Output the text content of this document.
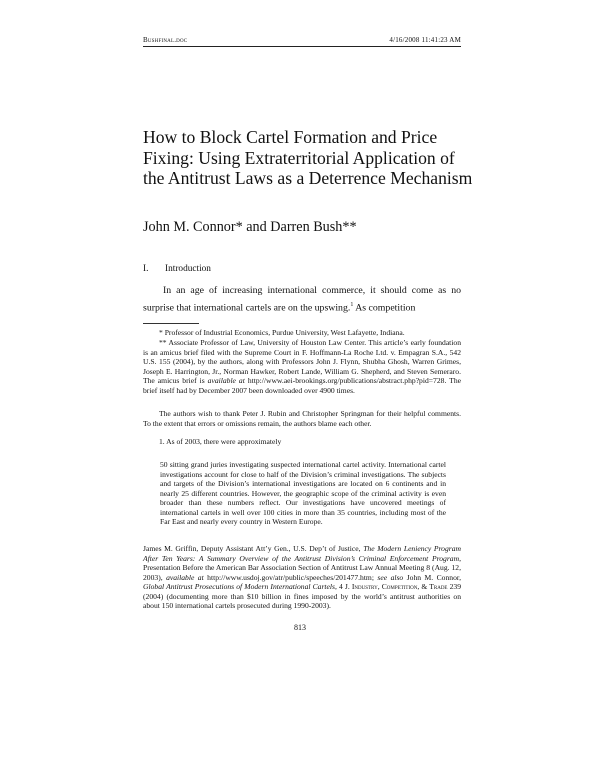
Bushfinal.doc	4/16/2008 11:41:23 AM
How to Block Cartel Formation and Price Fixing: Using Extraterritorial Application of the Antitrust Laws as a Deterrence Mechanism
John M. Connor* and Darren Bush**
I. Introduction

In an age of increasing international commerce, it should come as no surprise that international cartels are on the upswing.$^1$ As competition

* Professor of Industrial Economics, Purdue University, West Lafayette, Indiana.

** Associate Professor of Law, University of Houston Law Center. This article’s early foundation is an amicus brief filed with the Supreme Court in F. Hoffmann-La Roche Ltd. v. Empagran S.A., 542 U.S. 155 (2004), by the authors, along with Professors John J. Flynn, Shubha Ghosh, Warren Grimes, Joseph E. Harrington, Jr., Norman Hawker, Robert Lande, William G. Shepherd, and Steven Semeraro. The amicus brief is available at http://www.aei-brookings.org/publications/abstract.php?pid=728. The brief itself had by December 2007 been downloaded over 4900 times.

The authors wish to thank Peter J. Rubin and Christopher Springman for their helpful comments. To the extent that errors or omissions remain, the authors blame each other.

1. As of 2003, there were approximately

50 sitting grand juries investigating suspected international cartel activity. International cartel investigations account for close to half of the Division’s criminal investigations. The subjects and targets of the Division’s international investigations are located on 6 continents and in nearly 25 different countries. However, the geographic scope of the criminal activity is even broader than these numbers reflect. Our investigations have uncovered meetings of international cartels in well over 100 cities in more than 35 countries, including most of the Far East and nearly every country in Western Europe.

James M. Griffin, Deputy Assistant Att’y Gen., U.S. Dep’t of Justice, The Modern Leniency Program After Ten Years: A Summary Overview of the Antitrust Division’s Criminal Enforcement Program, Presentation Before the American Bar Association Section of Antitrust Law Annual Meeting 8 (Aug. 12, 2003), available at http://www.usdoj.gov/atr/public/speeches/201477.htm; see also John M. Connor, Global Antitrust Prosecutions of Modern International Cartels, 4 J. Industry, Competition, & Trade 239 (2004) (documenting more than $10 billion in fines imposed by the world’s antitrust authorities on about 150 international cartels prosecuted during 1990-2003).

813
